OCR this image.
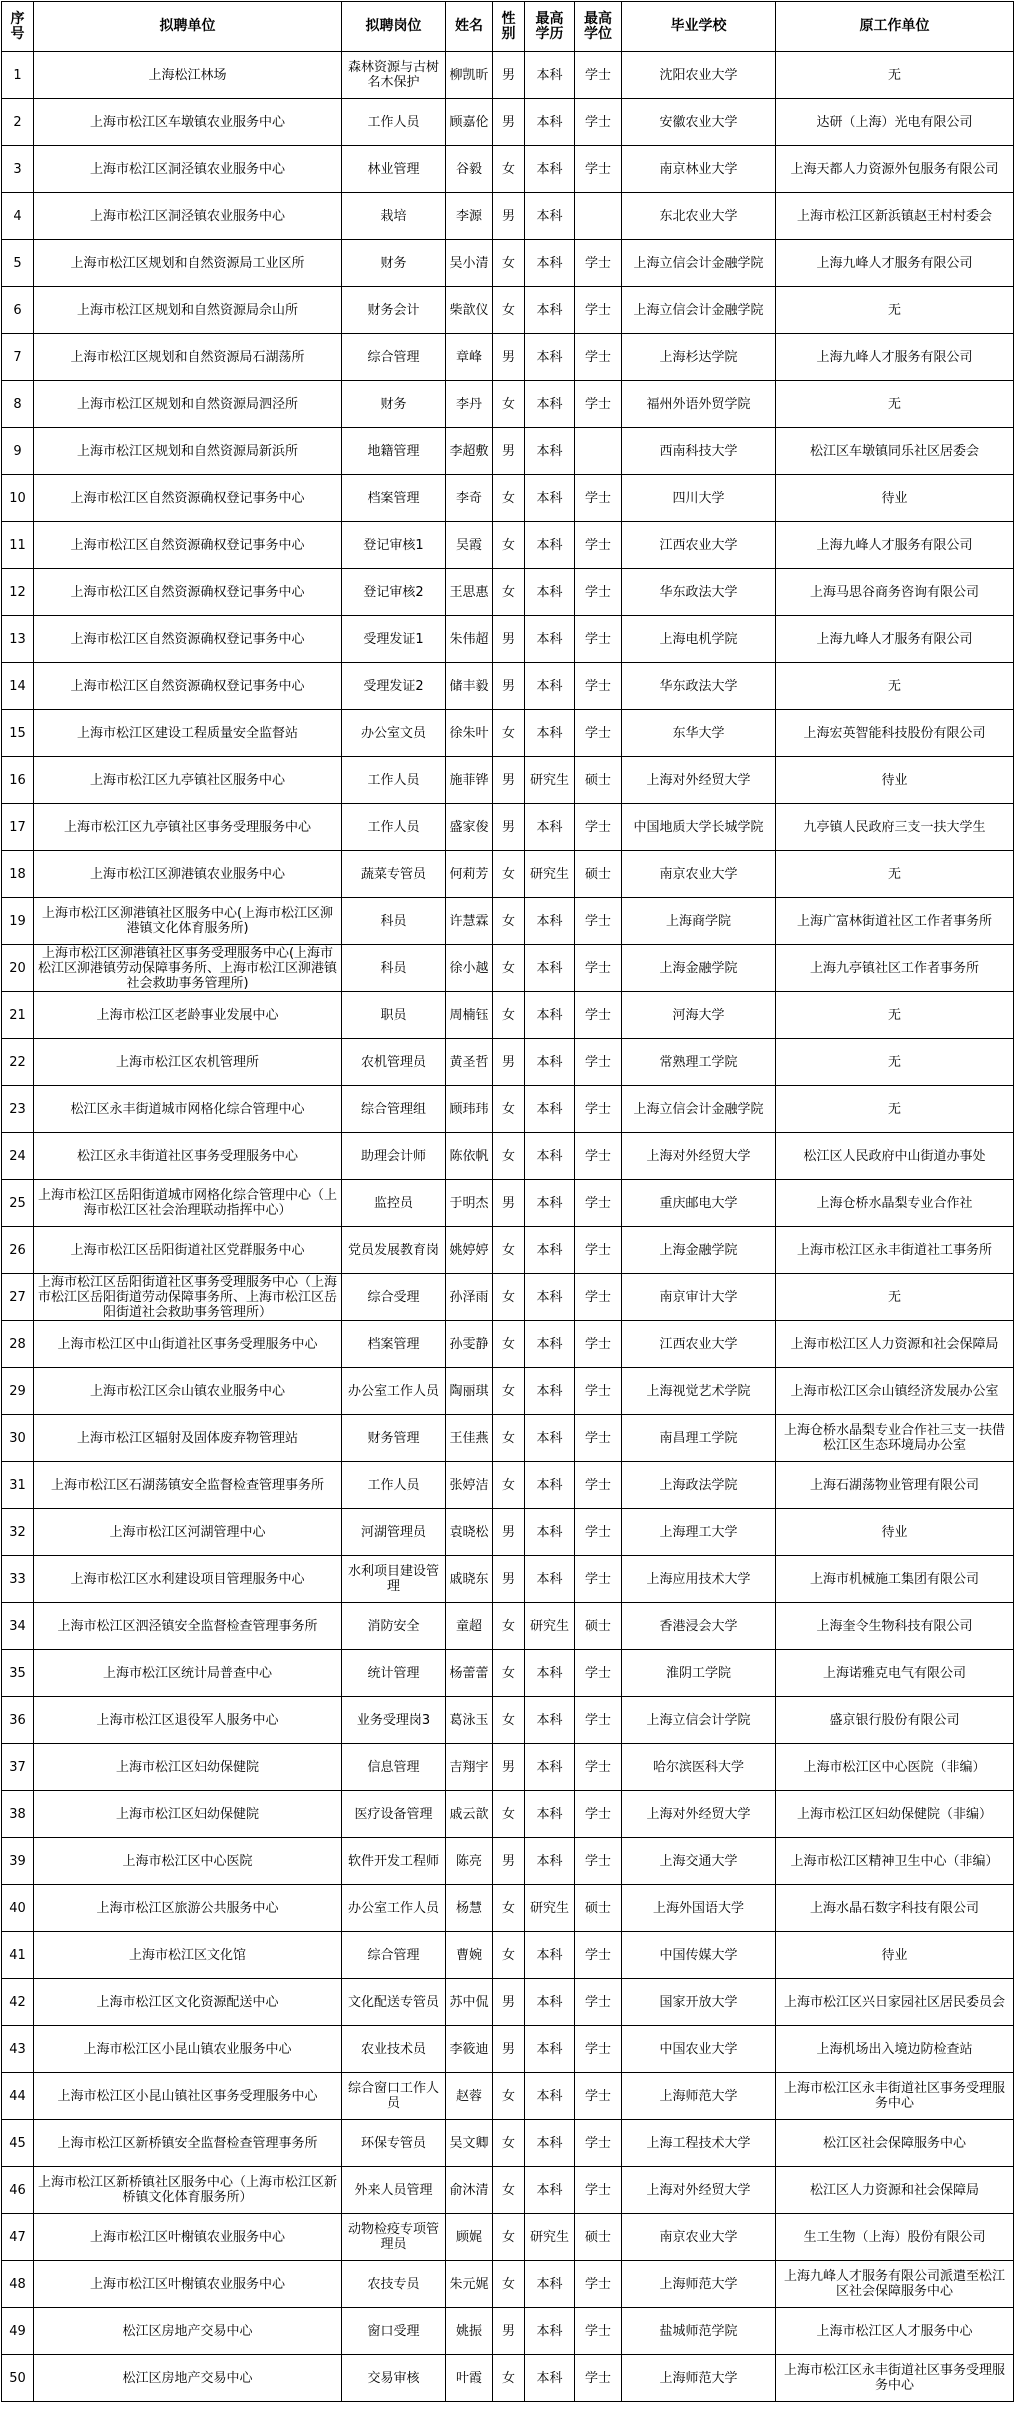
序号	拟聘单位	拟聘岗位	姓名	性别	最高学历	最高学位	毕业学校	原工作单位
1	上海松江林场	森林资源与古树名木保护	柳凯昕	男	本科	学士	沈阳农业大学	无
2	上海市松江区车墩镇农业服务中心	工作人员	顾嘉伦	男	本科	学士	安徽农业大学	达研（上海）光电有限公司
3	上海市松江区洞泾镇农业服务中心	林业管理	谷毅	女	本科	学士	南京林业大学	上海天都人力资源外包服务有限公司
4	上海市松江区洞泾镇农业服务中心	栽培	李源	男	本科		东北农业大学	上海市松江区新浜镇赵王村村委会
5	上海市松江区规划和自然资源局工业区所	财务	吴小清	女	本科	学士	上海立信会计金融学院	上海九峰人才服务有限公司
6	上海市松江区规划和自然资源局佘山所	财务会计	柴歆仪	女	本科	学士	上海立信会计金融学院	无
7	上海市松江区规划和自然资源局石湖荡所	综合管理	章峰	男	本科	学士	上海杉达学院	上海九峰人才服务有限公司
8	上海市松江区规划和自然资源局泗泾所	财务	李丹	女	本科	学士	福州外语外贸学院	无
9	上海市松江区规划和自然资源局新浜所	地籍管理	李超敷	男	本科		西南科技大学	松江区车墩镇同乐社区居委会
10	上海市松江区自然资源确权登记事务中心	档案管理	李奇	女	本科	学士	四川大学	待业
11	上海市松江区自然资源确权登记事务中心	登记审核1	吴霞	女	本科	学士	江西农业大学	上海九峰人才服务有限公司
12	上海市松江区自然资源确权登记事务中心	登记审核2	王思惠	女	本科	学士	华东政法大学	上海马思谷商务咨询有限公司
13	上海市松江区自然资源确权登记事务中心	受理发证1	朱伟超	男	本科	学士	上海电机学院	上海九峰人才服务有限公司
14	上海市松江区自然资源确权登记事务中心	受理发证2	储丰毅	男	本科	学士	华东政法大学	无
15	上海市松江区建设工程质量安全监督站	办公室文员	徐朱叶	女	本科	学士	东华大学	上海宏英智能科技股份有限公司
16	上海市松江区九亭镇社区服务中心	工作人员	施菲铧	男	研究生	硕士	上海对外经贸大学	待业
17	上海市松江区九亭镇社区事务受理服务中心	工作人员	盛家俊	男	本科	学士	中国地质大学长城学院	九亭镇人民政府三支一扶大学生
18	上海市松江区泖港镇农业服务中心	蔬菜专管员	何莉芳	女	研究生	硕士	南京农业大学	无
19	上海市松江区泖港镇社区服务中心(上海市松江区泖港镇文化体育服务所)	科员	许慧霖	女	本科	学士	上海商学院	上海广富林街道社区工作者事务所
20	上海市松江区泖港镇社区事务受理服务中心(上海市松江区泖港镇劳动保障事务所、上海市松江区泖港镇社会救助事务管理所)	科员	徐小越	女	本科	学士	上海金融学院	上海九亭镇社区工作者事务所
21	上海市松江区老龄事业发展中心	职员	周楠钰	女	本科	学士	河海大学	无
22	上海市松江区农机管理所	农机管理员	黄圣哲	男	本科	学士	常熟理工学院	无
23	松江区永丰街道城市网格化综合管理中心	综合管理组	顾玮玮	女	本科	学士	上海立信会计金融学院	无
24	松江区永丰街道社区事务受理服务中心	助理会计师	陈依帆	女	本科	学士	上海对外经贸大学	松江区人民政府中山街道办事处
25	上海市松江区岳阳街道城市网格化综合管理中心（上海市松江区社会治理联动指挥中心）	监控员	于明杰	男	本科	学士	重庆邮电大学	上海仓桥水晶梨专业合作社
26	上海市松江区岳阳街道社区党群服务中心	党员发展教育岗	姚婷婷	女	本科	学士	上海金融学院	上海市松江区永丰街道社工事务所
27	上海市松江区岳阳街道社区事务受理服务中心（上海市松江区岳阳街道劳动保障事务所、上海市松江区岳阳街道社会救助事务管理所）	综合受理	孙泽雨	女	本科	学士	南京审计大学	无
28	上海市松江区中山街道社区事务受理服务中心	档案管理	孙雯静	女	本科	学士	江西农业大学	上海市松江区人力资源和社会保障局
29	上海市松江区佘山镇农业服务中心	办公室工作人员	陶丽琪	女	本科	学士	上海视觉艺术学院	上海市松江区佘山镇经济发展办公室
30	上海市松江区辐射及固体废弃物管理站	财务管理	王佳燕	女	本科	学士	南昌理工学院	上海仓桥水晶梨专业合作社三支一扶借松江区生态环境局办公室
31	上海市松江区石湖荡镇安全监督检查管理事务所	工作人员	张婷洁	女	本科	学士	上海政法学院	上海石湖荡物业管理有限公司
32	上海市松江区河湖管理中心	河湖管理员	袁晓松	男	本科	学士	上海理工大学	待业
33	上海市松江区水利建设项目管理服务中心	水利项目建设管理	戚晓东	男	本科	学士	上海应用技术大学	上海市机械施工集团有限公司
34	上海市松江区泗泾镇安全监督检查管理事务所	消防安全	童超	女	研究生	硕士	香港浸会大学	上海奎令生物科技有限公司
35	上海市松江区统计局普查中心	统计管理	杨蕾蕾	女	本科	学士	淮阴工学院	上海诺雅克电气有限公司
36	上海市松江区退役军人服务中心	业务受理岗3	葛泳玉	女	本科	学士	上海立信会计学院	盛京银行股份有限公司
37	上海市松江区妇幼保健院	信息管理	吉翔宇	男	本科	学士	哈尔滨医科大学	上海市松江区中心医院（非编）
38	上海市松江区妇幼保健院	医疗设备管理	戚云歆	女	本科	学士	上海对外经贸大学	上海市松江区妇幼保健院（非编）
39	上海市松江区中心医院	软件开发工程师	陈亮	男	本科	学士	上海交通大学	上海市松江区精神卫生中心（非编）
40	上海市松江区旅游公共服务中心	办公室工作人员	杨慧	女	研究生	硕士	上海外国语大学	上海水晶石数字科技有限公司
41	上海市松江区文化馆	综合管理	曹婉	女	本科	学士	中国传媒大学	待业
42	上海市松江区文化资源配送中心	文化配送专管员	苏中侃	男	本科	学士	国家开放大学	上海市松江区兴日家园社区居民委员会
43	上海市松江区小昆山镇农业服务中心	农业技术员	李筱迪	男	本科	学士	中国农业大学	上海机场出入境边防检查站
44	上海市松江区小昆山镇社区事务受理服务中心	综合窗口工作人员	赵蓉	女	本科	学士	上海师范大学	上海市松江区永丰街道社区事务受理服务中心
45	上海市松江区新桥镇安全监督检查管理事务所	环保专管员	吴文卿	女	本科	学士	上海工程技术大学	松江区社会保障服务中心
46	上海市松江区新桥镇社区服务中心（上海市松江区新桥镇文化体育服务所）	外来人员管理	俞沐清	女	本科	学士	上海对外经贸大学	松江区人力资源和社会保障局
47	上海市松江区叶榭镇农业服务中心	动物检疫专项管理员	顾娓	女	研究生	硕士	南京农业大学	生工生物（上海）股份有限公司
48	上海市松江区叶榭镇农业服务中心	农技专员	朱元娓	女	本科	学士	上海师范大学	上海九峰人才服务有限公司派遣至松江区社会保障服务中心
49	松江区房地产交易中心	窗口受理	姚振	男	本科	学士	盐城师范学院	上海市松江区人才服务中心
50	松江区房地产交易中心	交易审核	叶霞	女	本科	学士	上海师范大学	上海市松江区永丰街道社区事务受理服务中心
